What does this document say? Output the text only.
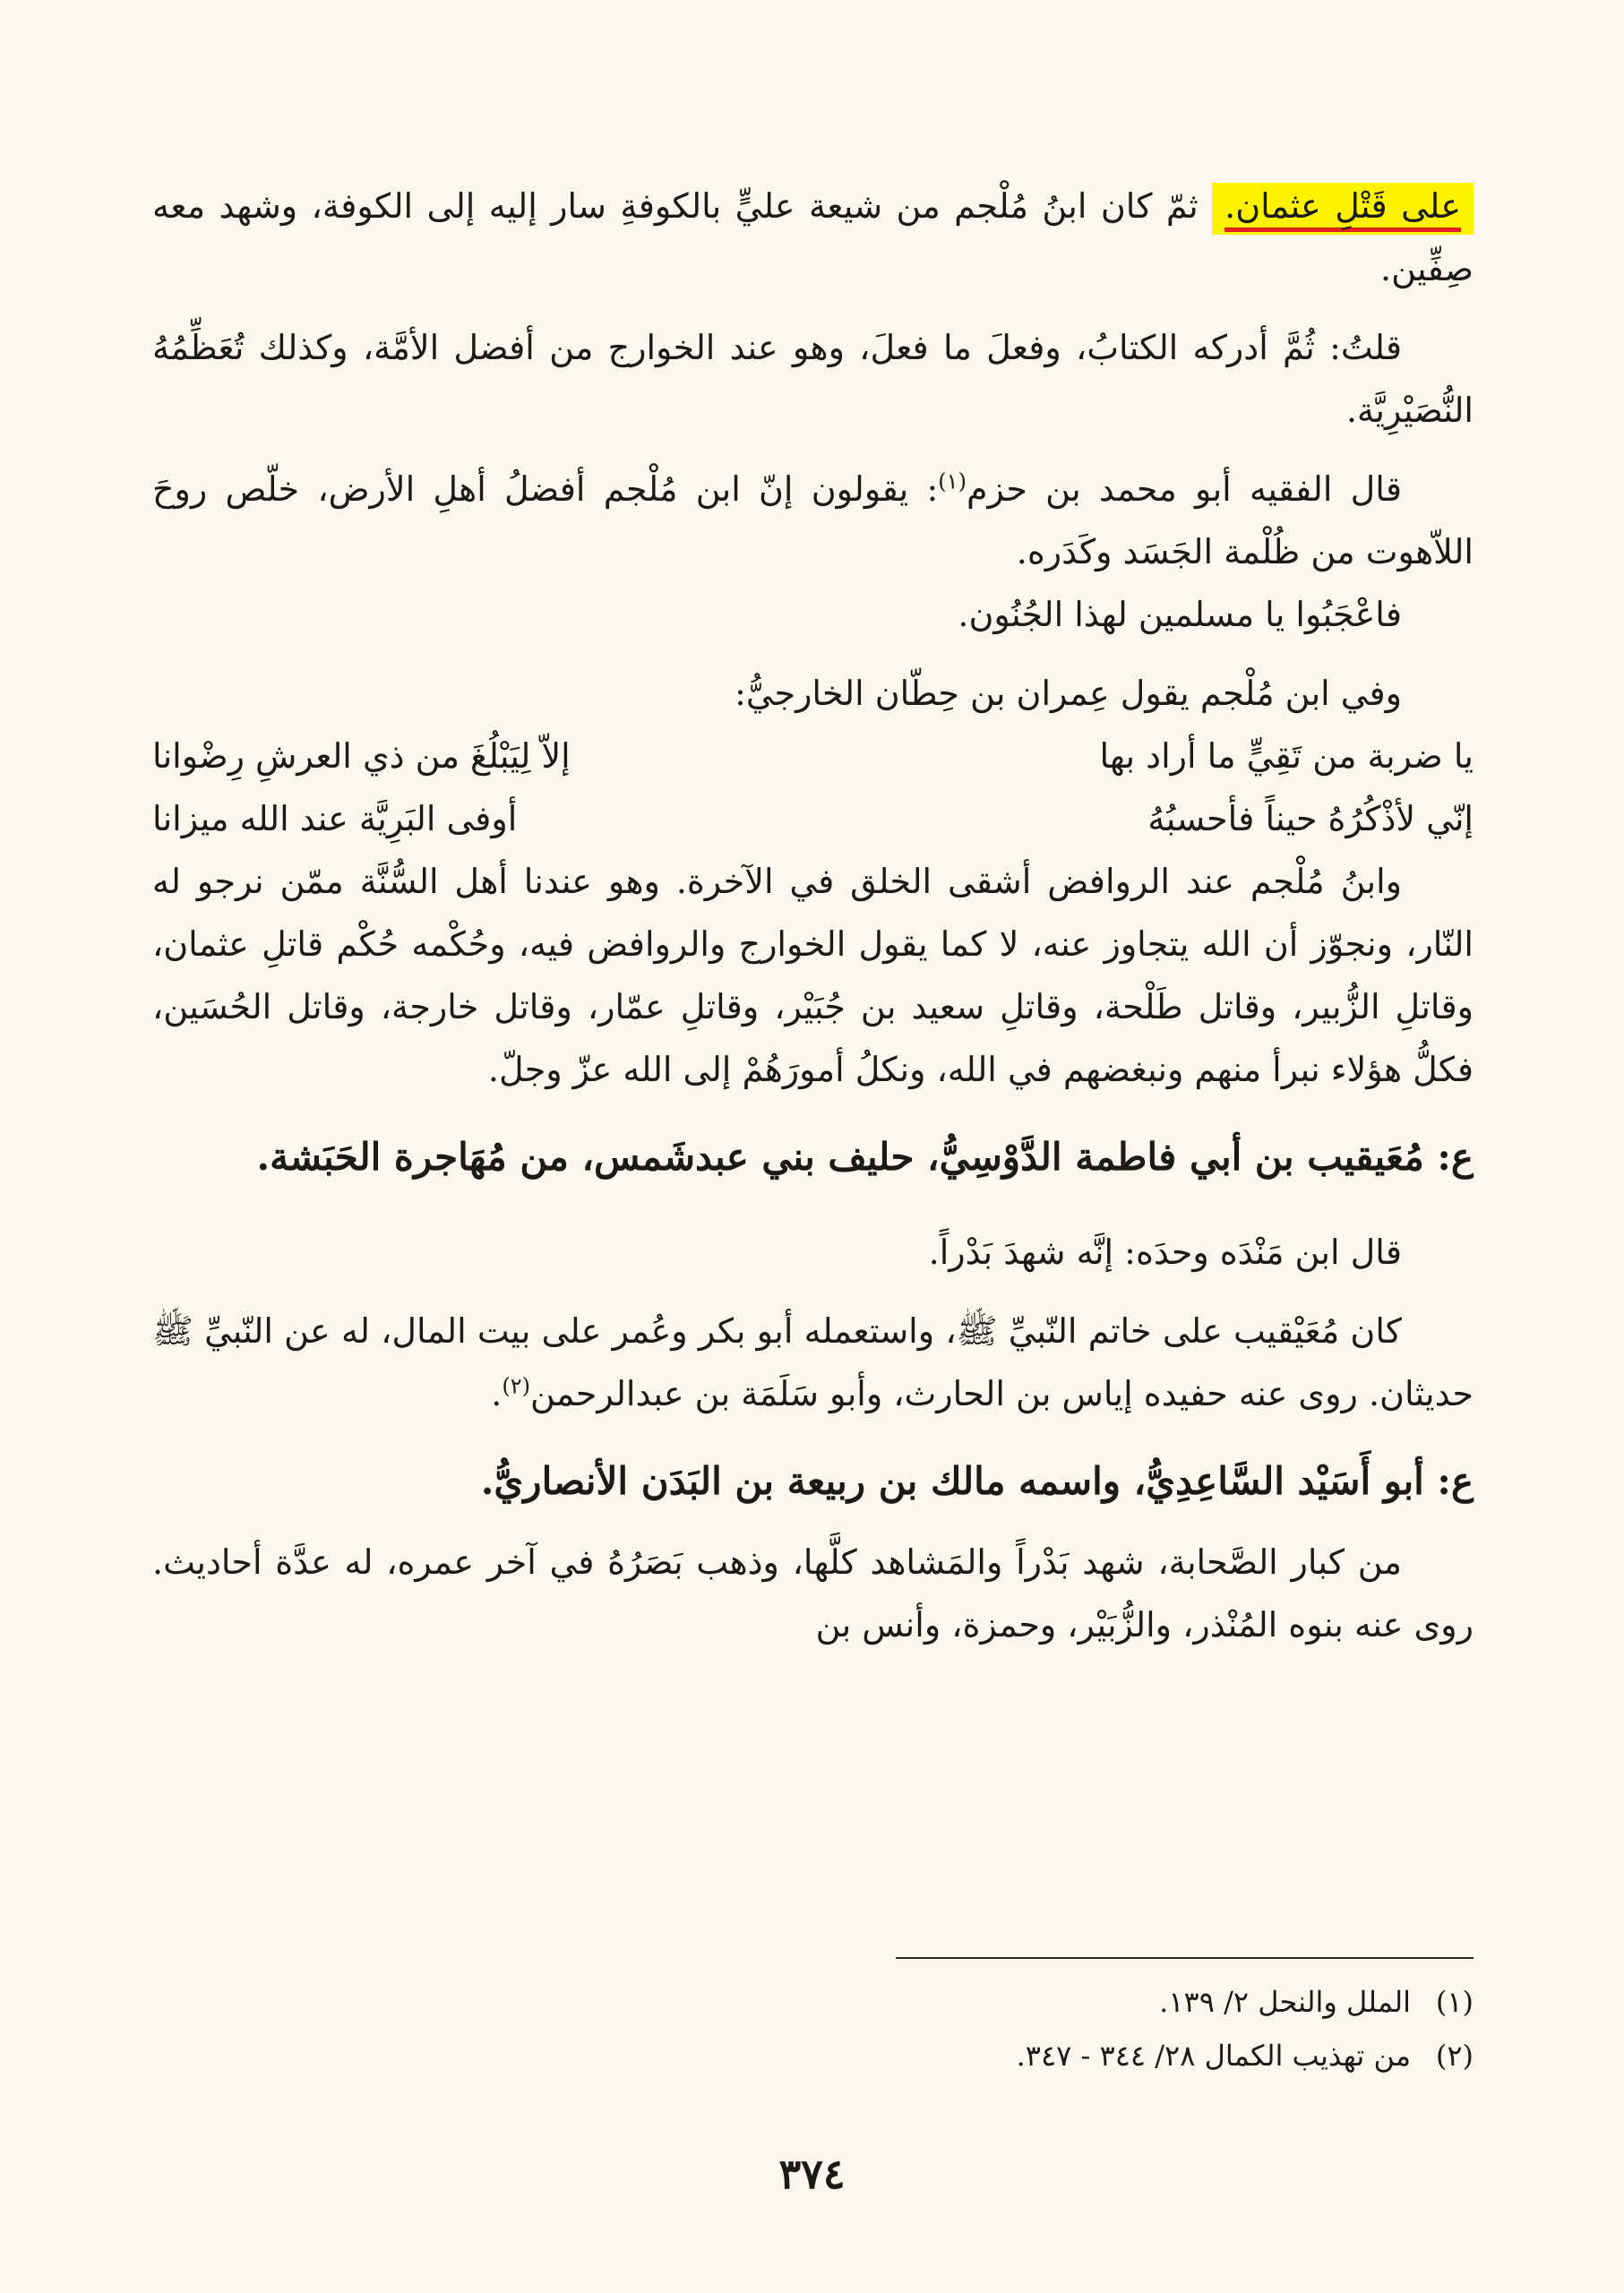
على قَتْلِ عثمان. ثمّ كان ابنُ مُلْجم من شيعة عليٍّ بالكوفةِ سار إليه إلى الكوفة، وشهد معه صِفِّين.

قلتُ: ثُمَّ أدركه الكتابُ، وفعلَ ما فعلَ، وهو عند الخوارج من أفضل الأمَّة، وكذلك تُعَظِّمُهُ النُّصَيْرِيَّة.

قال الفقيه أبو محمد بن حزم$^{(١)}$: يقولون إنّ ابن مُلْجم أفضلُ أهلِ الأرض، خلّص روحَ اللاّهوت من ظُلْمة الجَسَد وكَدَره.

فاعْجَبُوا يا مسلمين لهذا الجُنُون.

وفي ابن مُلْجم يقول عِمران بن حِطّان الخارجيُّ:

يا ضربة من تَقِيٍّ ما أراد بها
إلاّ لِيَبْلُغَ من ذي العرشِ رِضْوانا
إنّي لأذْكُرُهُ حيناً فأحسبُهُ
أوفى البَرِيَّة عند الله ميزانا

وابنُ مُلْجم عند الروافض أشقى الخلق في الآخرة. وهو عندنا أهل السُّنَّة ممّن نرجو له النّار، ونجوّز أن الله يتجاوز عنه، لا كما يقول الخوارج والروافض فيه، وحُكْمه حُكْم قاتلِ عثمان، وقاتلِ الزُّبير، وقاتل طَلْحة، وقاتلِ سعيد بن جُبَيْر، وقاتلِ عمّار، وقاتل خارجة، وقاتل الحُسَين، فكلُّ هؤلاء نبرأ منهم ونبغضهم في الله، ونكلُ أمورَهُمْ إلى الله عزّ وجلّ.

ع: مُعَيقيب بن أبي فاطمة الدَّوْسِيُّ، حليف بني عبدشَمس، من مُهَاجرة الحَبَشة.

قال ابن مَنْدَه وحدَه: إنَّه شهدَ بَدْراً.

كان مُعَيْقيب على خاتم النّبيِّ ﷺ، واستعمله أبو بكر وعُمر على بيت المال، له عن النّبيِّ ﷺ حديثان. روى عنه حفيده إياس بن الحارث، وأبو سَلَمَة بن عبدالرحمن$^{(٢)}$.

ع: أبو أَسَيْد السَّاعِدِيُّ، واسمه مالك بن ربيعة بن البَدَن الأنصاريُّ.

من كبار الصَّحابة، شهد بَدْراً والمَشاهد كلَّها، وذهب بَصَرُهُ في آخر عمره، له عدَّة أحاديث. روى عنه بنوه المُنْذر، والزُّبَيْر، وحمزة، وأنس بن

(١)الملل والنحل ٢/ ١٣٩.

(٢)من تهذيب الكمال ٢٨/ ٣٤٤ - ٣٤٧.

٣٧٤
